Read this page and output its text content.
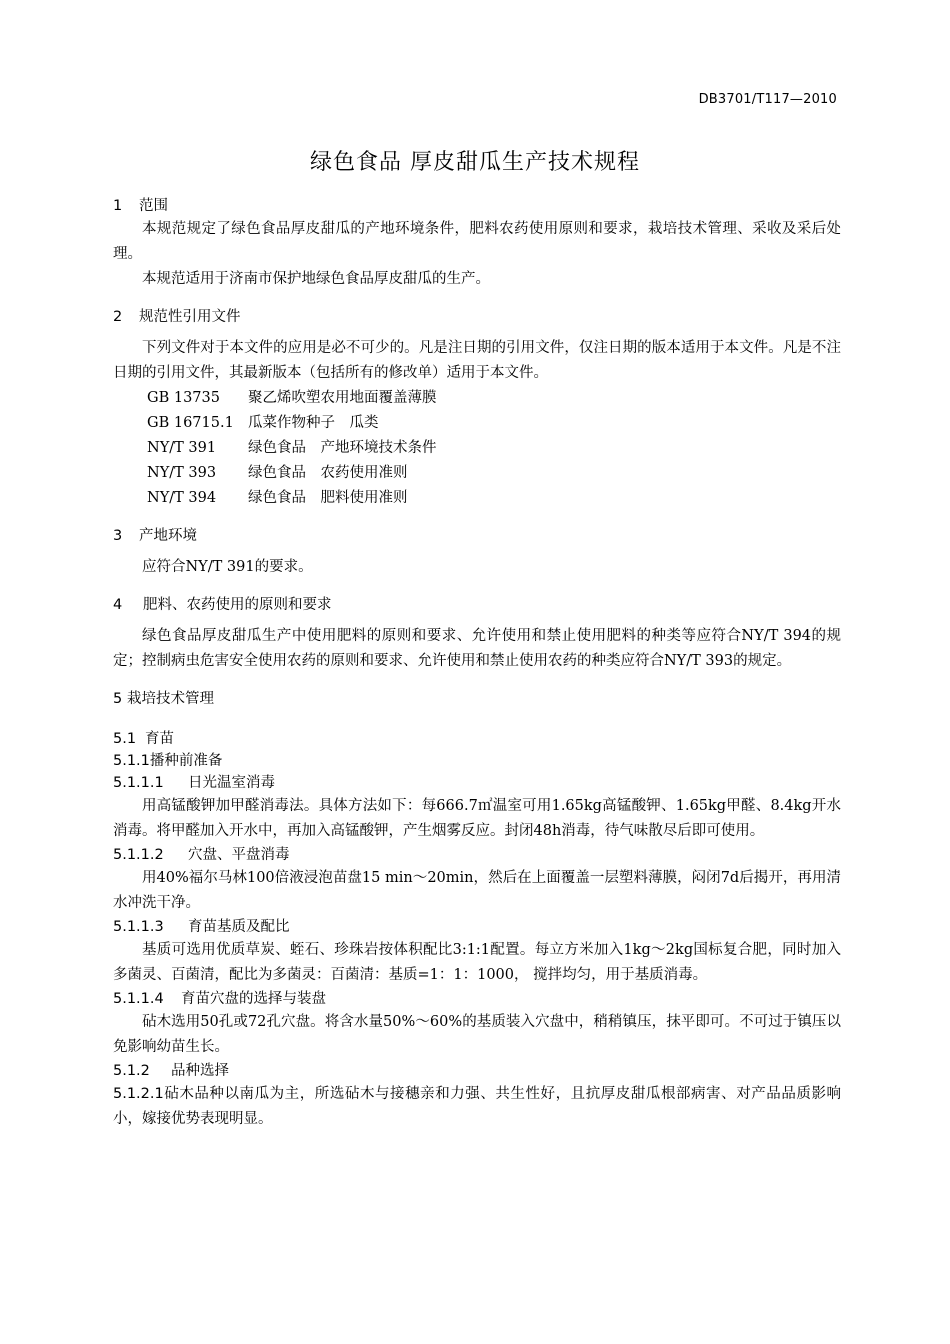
DB3701/T117—2010
绿色食品 厚皮甜瓜生产技术规程
1 范围

本规范规定了绿色食品厚皮甜瓜的产地环境条件，肥料农药使用原则和要求，栽培技术管理、采收及采后处理。

本规范适用于济南市保护地绿色食品厚皮甜瓜的生产。

2 规范性引用文件

下列文件对于本文件的应用是必不可少的。凡是注日期的引用文件，仅注日期的版本适用于本文件。凡是不注日期的引用文件，其最新版本（包括所有的修改单）适用于本文件。

GB 13735	聚乙烯吹塑农用地面覆盖薄膜
GB 16715.1 瓜菜作物种子　瓜类
NY/T 391	绿色食品　产地环境技术条件
NY/T 393	绿色食品　农药使用准则
NY/T 394	绿色食品　肥料使用准则
3 产地环境

应符合NY/T 391的要求。

4 肥料、农药使用的原则和要求

绿色食品厚皮甜瓜生产中使用肥料的原则和要求、允许使用和禁止使用肥料的种类等应符合NY/T 394的规定；控制病虫危害安全使用农药的原则和要求、允许使用和禁止使用农药的种类应符合NY/T 393的规定。

5 栽培技术管理
5.1 育苗
5.1.1播种前准备
5.1.1.1 日光温室消毒

用高锰酸钾加甲醛消毒法。具体方法如下：每666.7㎡温室可用1.65kg高锰酸钾、1.65kg甲醛、8.4kg开水消毒。将甲醛加入开水中，再加入高锰酸钾，产生烟雾反应。封闭48h消毒，待气味散尽后即可使用。

5.1.1.2 穴盘、平盘消毒

用40%福尔马林100倍液浸泡苗盘15 min～20min，然后在上面覆盖一层塑料薄膜，闷闭7d后揭开，再用清水冲洗干净。

5.1.1.3 育苗基质及配比

基质可选用优质草炭、蛭石、珍珠岩按体积配比3:1:1配置。每立方米加入1kg～2kg国标复合肥，同时加入多菌灵、百菌清，配比为多菌灵：百菌清：基质=1：1：1000， 搅拌均匀，用于基质消毒。

5.1.1.4 育苗穴盘的选择与装盘

砧木选用50孔或72孔穴盘。将含水量50%～60%的基质装入穴盘中，稍稍镇压，抹平即可。不可过于镇压以免影响幼苗生长。

5.1.2 品种选择

5.1.2.1砧木品种以南瓜为主，所选砧木与接穗亲和力强、共生性好，且抗厚皮甜瓜根部病害、对产品品质影响小，嫁接优势表现明显。
